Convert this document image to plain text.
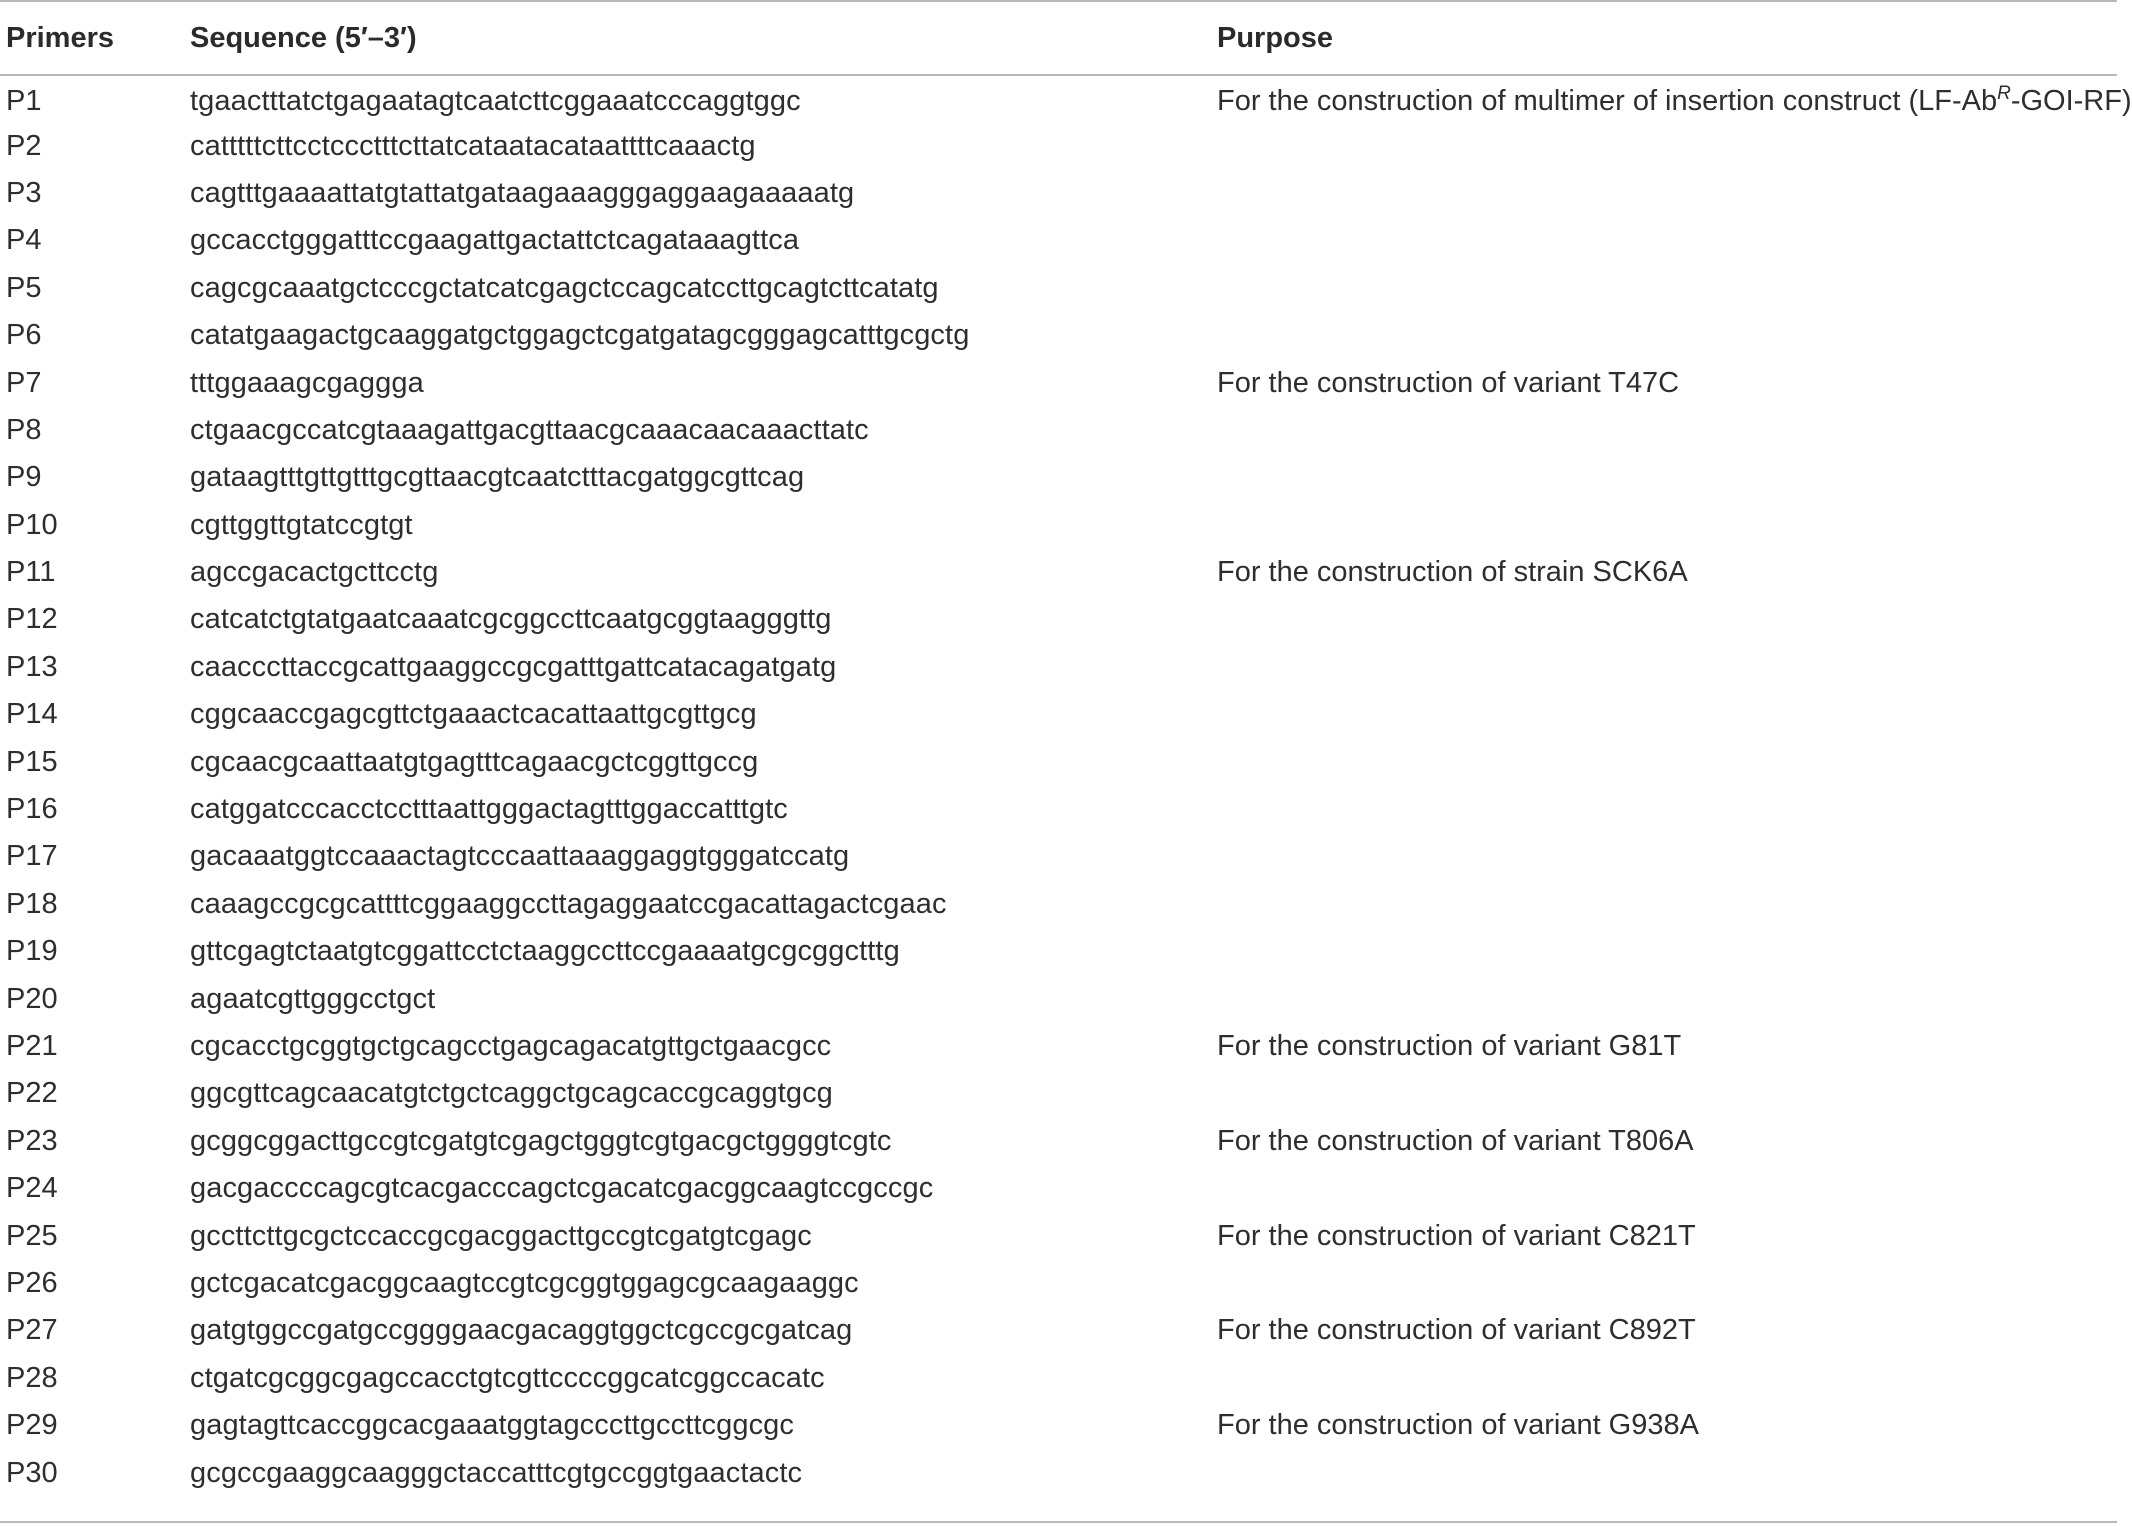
Primers	Sequence (5′–3′)	Purpose
P1	tgaactttatctgagaatagtcaatcttcggaaatcccaggtggc	For the construction of multimer of insertion construct $(LF-Ab^R-GOI-RF)$
P2	catttttcttcctccctttcttatcataatacataattttcaaactg	
P3	cagtttgaaaattatgtattatgataagaaagggaggaagaaaaatg	
P4	gccacctgggatttccgaagattgactattctcagataaagttca	
P5	cagcgcaaatgctcccgctatcatcgagctccagcatccttgcagtcttcatatg	
P6	catatgaagactgcaaggatgctggagctcgatgatagcgggagcatttgcgctg	
P7	tttggaaagcgaggga	For the construction of variant T47C
P8	ctgaacgccatcgtaaagattgacgttaacgcaaacaacaaacttatc	
P9	gataagtttgttgtttgcgttaacgtcaatctttacgatggcgttcag	
P10	cgttggttgtatccgtgt	
P11	agccgacactgcttcctg	For the construction of strain SCK6A
P12	catcatctgtatgaatcaaatcgcggccttcaatgcggtaagggttg	
P13	caacccttaccgcattgaaggccgcgatttgattcatacagatgatg	
P14	cggcaaccgagcgttctgaaactcacattaattgcgttgcg	
P15	cgcaacgcaattaatgtgagtttcagaacgctcggttgccg	
P16	catggatcccacctcctttaattgggactagtttggaccatttgtc	
P17	gacaaatggtccaaactagtcccaattaaaggaggtgggatccatg	
P18	caaagccgcgcattttcggaaggccttagaggaatccgacattagactcgaac	
P19	gttcgagtctaatgtcggattcctctaaggccttccgaaaatgcgcggctttg	
P20	agaatcgttgggcctgct	
P21	cgcacctgcggtgctgcagcctgagcagacatgttgctgaacgcc	For the construction of variant G81T
P22	ggcgttcagcaacatgtctgctcaggctgcagcaccgcaggtgcg	
P23	gcggcggacttgccgtcgatgtcgagctgggtcgtgacgctggggtcgtc	For the construction of variant T806A
P24	gacgaccccagcgtcacgacccagctcgacatcgacggcaagtccgccgc	
P25	gccttcttgcgctccaccgcgacggacttgccgtcgatgtcgagc	For the construction of variant C821T
P26	gctcgacatcgacggcaagtccgtcgcggtggagcgcaagaaggc	
P27	gatgtggccgatgccggggaacgacaggtggctcgccgcgatcag	For the construction of variant C892T
P28	ctgatcgcggcgagccacctgtcgttccccggcatcggccacatc	
P29	gagtagttcaccggcacgaaatggtagcccttgccttcggcgc	For the construction of variant G938A
P30	gcgccgaaggcaagggctaccatttcgtgccggtgaactactc	
